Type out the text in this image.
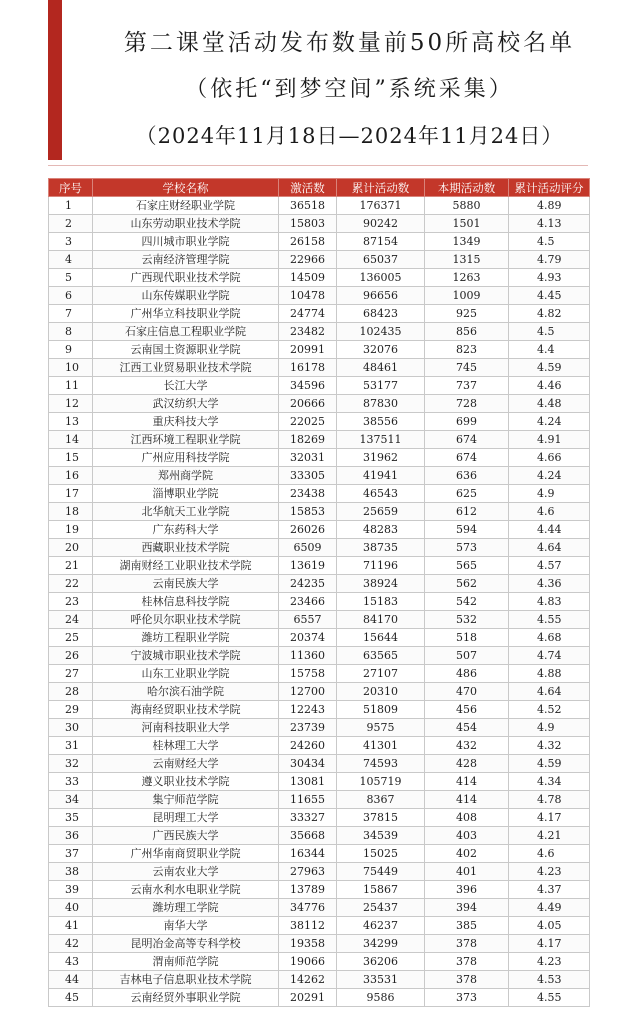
第二课堂活动发布数量前50所高校名单
（依托“到梦空间”系统采集）
（2024年11月18日—2024年11月24日）
序号	学校名称	激活数	累计活动数	本期活动数	累计活动评分
1	石家庄财经职业学院	36518	176371	5880	4.89
2	山东劳动职业技术学院	15803	90242	1501	4.13
3	四川城市职业学院	26158	87154	1349	4.5
4	云南经济管理学院	22966	65037	1315	4.79
5	广西现代职业技术学院	14509	136005	1263	4.93
6	山东传媒职业学院	10478	96656	1009	4.45
7	广州华立科技职业学院	24774	68423	925	4.82
8	石家庄信息工程职业学院	23482	102435	856	4.5
9	云南国土资源职业学院	20991	32076	823	4.4
10	江西工业贸易职业技术学院	16178	48461	745	4.59
11	长江大学	34596	53177	737	4.46
12	武汉纺织大学	20666	87830	728	4.48
13	重庆科技大学	22025	38556	699	4.24
14	江西环境工程职业学院	18269	137511	674	4.91
15	广州应用科技学院	32031	31962	674	4.66
16	郑州商学院	33305	41941	636	4.24
17	淄博职业学院	23438	46543	625	4.9
18	北华航天工业学院	15853	25659	612	4.6
19	广东药科大学	26026	48283	594	4.44
20	西藏职业技术学院	6509	38735	573	4.64
21	湖南财经工业职业技术学院	13619	71196	565	4.57
22	云南民族大学	24235	38924	562	4.36
23	桂林信息科技学院	23466	15183	542	4.83
24	呼伦贝尔职业技术学院	6557	84170	532	4.55
25	潍坊工程职业学院	20374	15644	518	4.68
26	宁波城市职业技术学院	11360	63565	507	4.74
27	山东工业职业学院	15758	27107	486	4.88
28	哈尔滨石油学院	12700	20310	470	4.64
29	海南经贸职业技术学院	12243	51809	456	4.52
30	河南科技职业大学	23739	9575	454	4.9
31	桂林理工大学	24260	41301	432	4.32
32	云南财经大学	30434	74593	428	4.59
33	遵义职业技术学院	13081	105719	414	4.34
34	集宁师范学院	11655	8367	414	4.78
35	昆明理工大学	33327	37815	408	4.17
36	广西民族大学	35668	34539	403	4.21
37	广州华南商贸职业学院	16344	15025	402	4.6
38	云南农业大学	27963	75449	401	4.23
39	云南水利水电职业学院	13789	15867	396	4.37
40	潍坊理工学院	34776	25437	394	4.49
41	南华大学	38112	46237	385	4.05
42	昆明冶金高等专科学校	19358	34299	378	4.17
43	渭南师范学院	19066	36206	378	4.23
44	吉林电子信息职业技术学院	14262	33531	378	4.53
45	云南经贸外事职业学院	20291	9586	373	4.55
